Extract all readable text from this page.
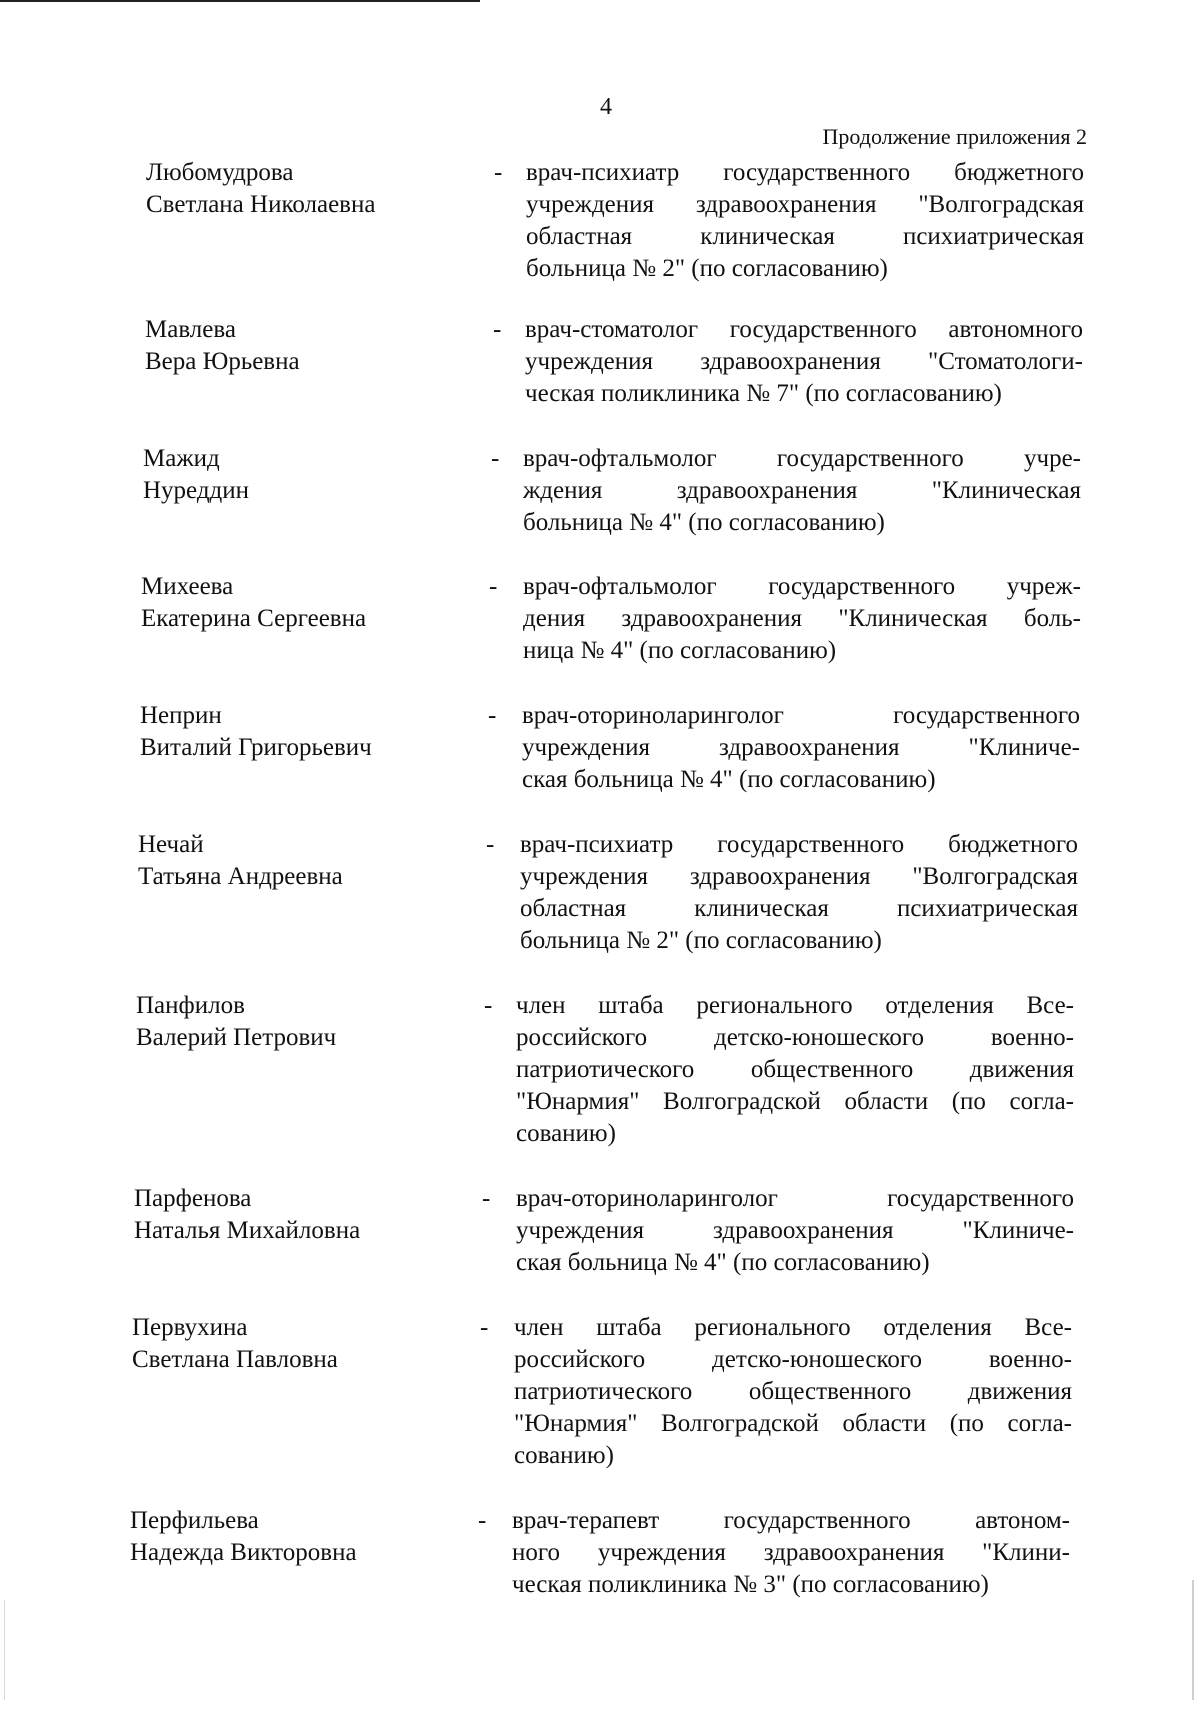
4
Продолжение приложения 2
Любомудрова
Светлана Николаевна
- врач-психиатр государственного бюджетного
учреждения здравоохранения "Волгоградская
областная клиническая психиатрическая
больница № 2" (по согласованию)
Мавлева
Вера Юрьевна
- врач-стоматолог государственного автономного
учреждения здравоохранения "Стоматологи-
ческая поликлиника № 7" (по согласованию)
Мажид
Нуреддин
- врач-офтальмолог государственного учре-
ждения здравоохранения "Клиническая
больница № 4" (по согласованию)
Михеева
Екатерина Сергеевна
- врач-офтальмолог государственного учреж-
дения здравоохранения "Клиническая боль-
ница № 4" (по согласованию)
Неприн
Виталий Григорьевич
- врач-оториноларинголог государственного
учреждения здравоохранения "Клиниче-
ская больница № 4" (по согласованию)
Нечай
Татьяна Андреевна
- врач-психиатр государственного бюджетного
учреждения здравоохранения "Волгоградская
областная клиническая психиатрическая
больница № 2" (по согласованию)
Панфилов
Валерий Петрович
- член штаба регионального отделения Все-
российского детско-юношеского военно-
патриотического общественного движения
"Юнармия" Волгоградской области (по согла-
сованию)
Парфенова
Наталья Михайловна
- врач-оториноларинголог государственного
учреждения здравоохранения "Клиниче-
ская больница № 4" (по согласованию)
Первухина
Светлана Павловна
- член штаба регионального отделения Все-
российского детско-юношеского военно-
патриотического общественного движения
"Юнармия" Волгоградской области (по согла-
сованию)
Перфильева
Надежда Викторовна
- врач-терапевт государственного автоном-
ного учреждения здравоохранения "Клини-
ческая поликлиника № 3" (по согласованию)
